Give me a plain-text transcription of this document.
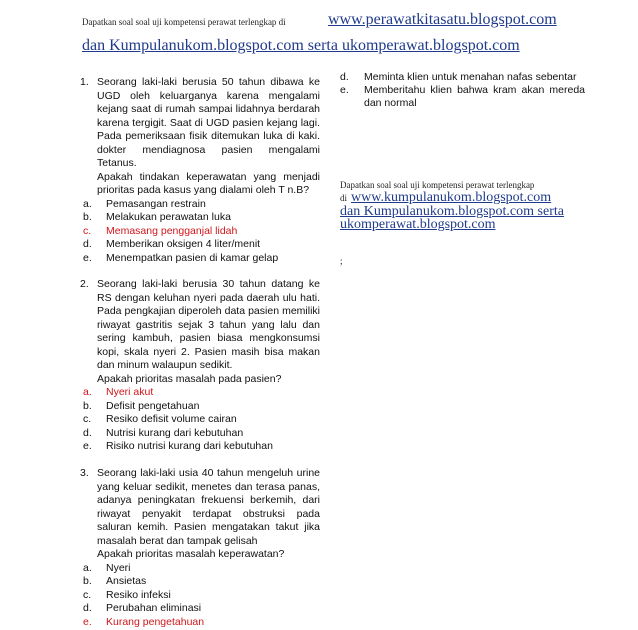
Dapatkan soal soal uji kompetensi perawat terlengkap di	www.perawatkitasatu.blogspot.com
dan Kumpulanukom.blogspot.com serta ukomperawat.blogspot.com
1. Seorang laki-laki berusia 50 tahun dibawa ke UGD oleh keluarganya karena mengalami kejang saat di rumah sampai lidahnya berdarah karena tergigit. Saat di UGD pasien kejang lagi. Pada pemeriksaan fisik ditemukan luka di kaki. dokter mendiagnosa pasien mengalami Tetanus.
Apakah tindakan keperawatan yang menjadi prioritas pada kasus yang dialami oleh T n.B?
a. Pemasangan restrain
b. Melakukan perawatan luka
c. Memasang pengganjal lidah
d. Memberikan oksigen 4 liter/menit
e. Menempatkan pasien di kamar gelap
2. Seorang laki-laki berusia 30 tahun datang ke RS dengan keluhan nyeri pada daerah ulu hati. Pada pengkajian diperoleh data pasien memiliki riwayat gastritis sejak 3 tahun yang lalu dan sering kambuh, pasien biasa mengkonsumsi kopi, skala nyeri 2. Pasien masih bisa makan dan minum walaupun sedikit.
Apakah prioritas masalah pada pasien?
a. Nyeri akut
b. Defisit pengetahuan
c. Resiko defisit volume cairan
d. Nutrisi kurang dari kebutuhan
e. Risiko nutrisi kurang dari kebutuhan
3. Seorang laki-laki usia 40 tahun mengeluh urine yang keluar sedikit, menetes dan terasa panas, adanya peningkatan frekuensi berkemih, dari riwayat penyakit terdapat obstruksi pada saluran kemih. Pasien mengatakan takut jika masalah berat dan tampak gelisah
Apakah prioritas masalah keperawatan?
a. Nyeri
b. Ansietas
c. Resiko infeksi
d. Perubahan eliminasi
e. Kurang pengetahuan
d. Meminta klien untuk menahan nafas sebentar
e. Memberitahu klien bahwa kram akan mereda dan normal
Dapatkan soal soal uji kompetensi perawat terlengkap
di www.kumpulanukom.blogspot.com
dan Kumpulanukom.blogspot.com serta
ukomperawat.blogspot.com
;
